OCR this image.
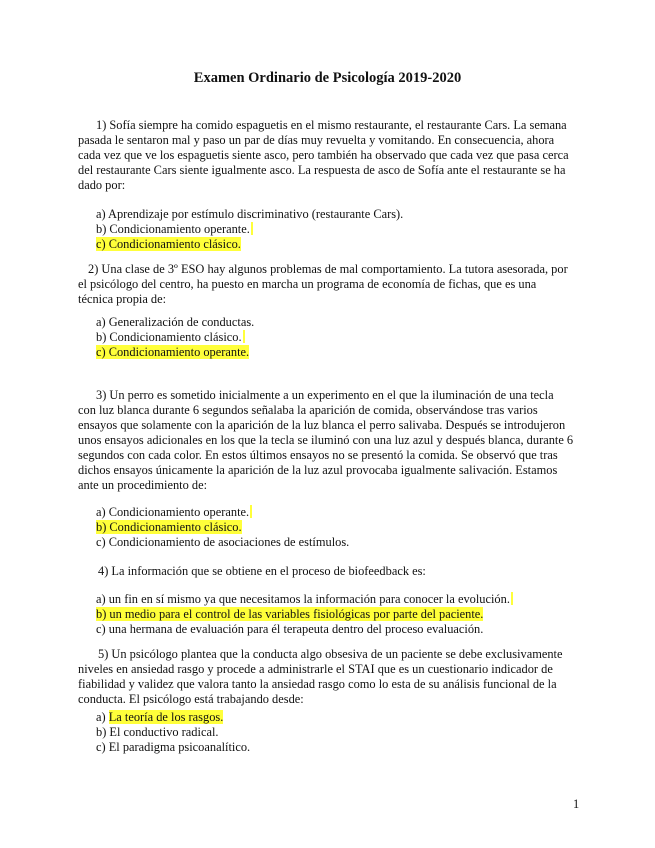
Examen Ordinario de Psicología 2019-2020
1) Sofía siempre ha comido espaguetis en el mismo restaurante, el restaurante Cars. La semana pasada le sentaron mal y paso un par de días muy revuelta y vomitando. En consecuencia, ahora cada vez que ve los espaguetis siente asco, pero también ha observado que cada vez que pasa cerca del restaurante Cars siente igualmente asco. La respuesta de asco de Sofía ante el restaurante se ha dado por:
a) Aprendizaje por estímulo discriminativo (restaurante Cars).
b) Condicionamiento operante.
c) Condicionamiento clásico.
2) Una clase de 3º ESO hay algunos problemas de mal comportamiento. La tutora asesorada, por el psicólogo del centro, ha puesto en marcha un programa de economía de fichas, que es una técnica propia de:
a) Generalización de conductas.
b) Condicionamiento clásico.
c) Condicionamiento operante.
3) Un perro es sometido inicialmente a un experimento en el que la iluminación de una tecla con luz blanca durante 6 segundos señalaba la aparición de comida, observándose tras varios ensayos que solamente con la aparición de la luz blanca el perro salivaba. Después se introdujeron unos ensayos adicionales en los que la tecla se iluminó con una luz azul y después blanca, durante 6 segundos con cada color. En estos últimos ensayos no se presentó la comida. Se observó que tras dichos ensayos únicamente la aparición de la luz azul provocaba igualmente salivación. Estamos ante un procedimiento de:
a) Condicionamiento operante.
b) Condicionamiento clásico.
c) Condicionamiento de asociaciones de estímulos.
4) La información que se obtiene en el proceso de biofeedback es:
a) un fin en sí mismo ya que necesitamos la información para conocer la evolución.
b) un medio para el control de las variables fisiológicas por parte del paciente.
c) una hermana de evaluación para él terapeuta dentro del proceso evaluación.
5) Un psicólogo plantea que la conducta algo obsesiva de un paciente se debe exclusivamente niveles en ansiedad rasgo y procede a administrarle el STAI que es un cuestionario indicador de fiabilidad y validez que valora tanto la ansiedad rasgo como lo esta de su análisis funcional de la conducta. El psicólogo está trabajando desde:
a) La teoría de los rasgos.
b) El conductivo radical.
c) El paradigma psicoanalítico.
1
